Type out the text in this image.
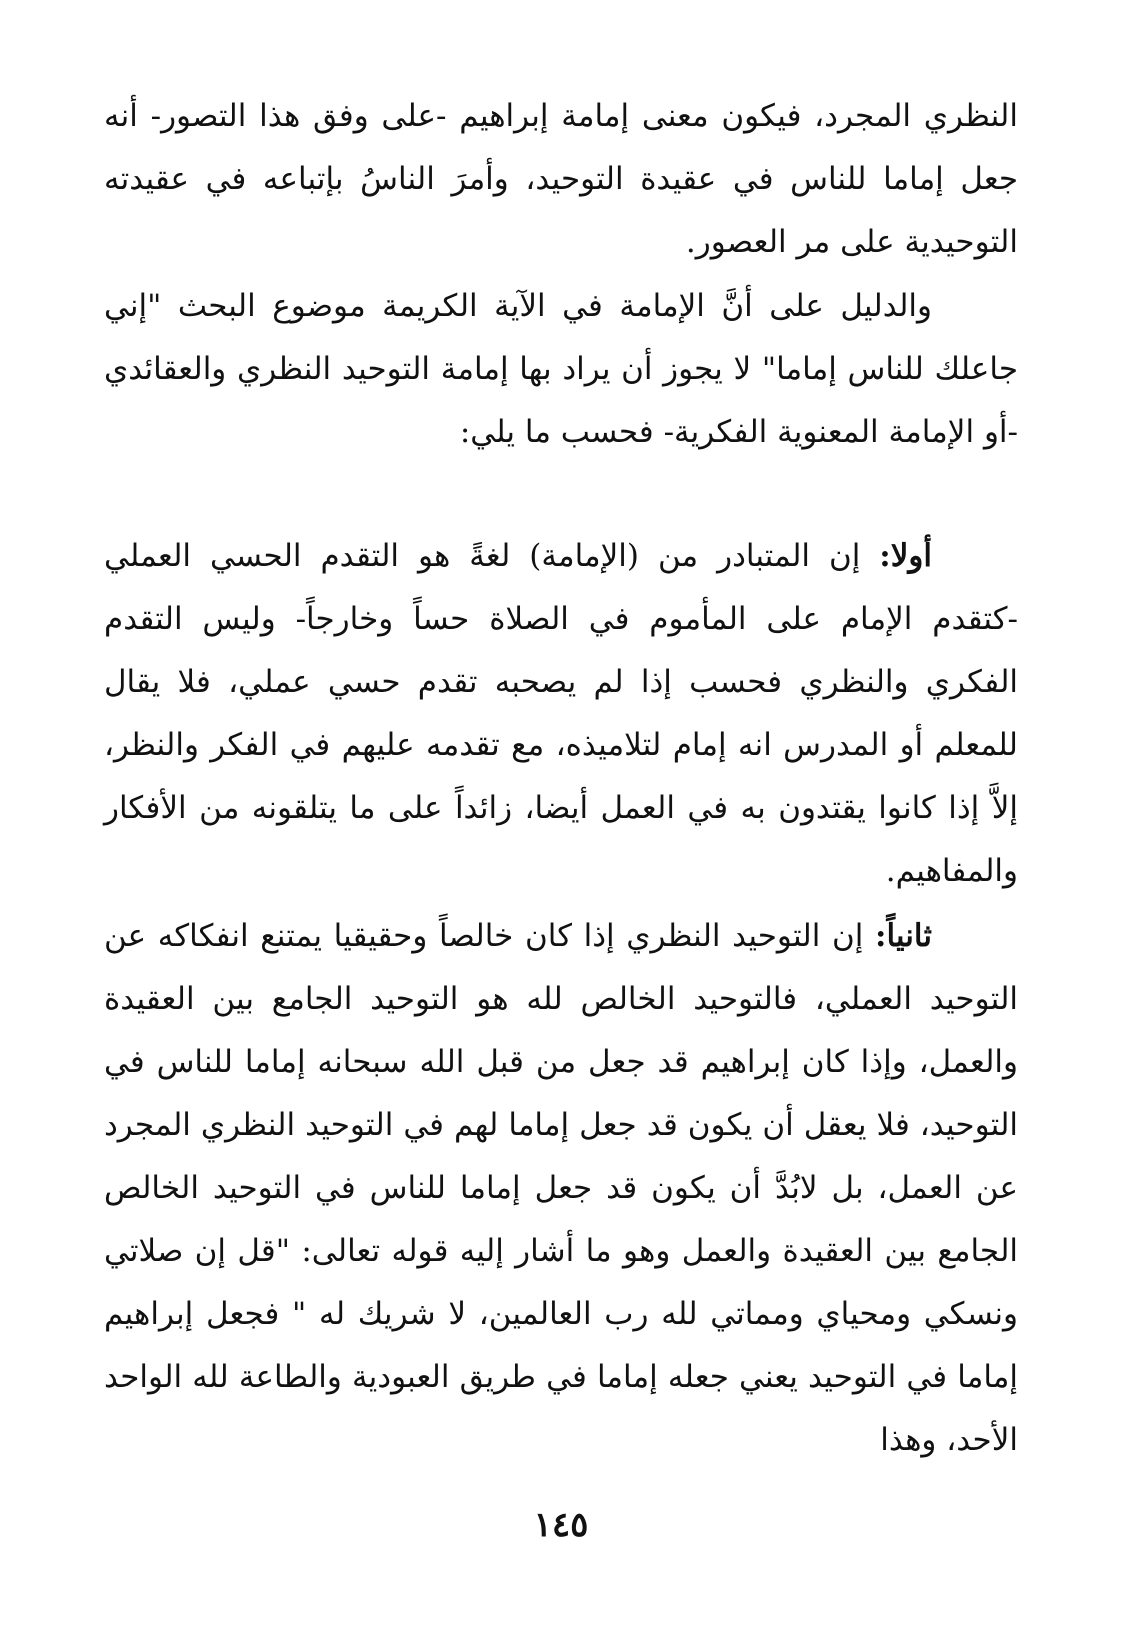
النظري المجرد، فيكون معنى إمامة إبراهيم -على وفق هذا التصور- أنه جعل إماما للناس في عقيدة التوحيد، وأمرَ الناسُ بإتباعه في عقيدته التوحيدية على مر العصور.

والدليل على أنَّ الإمامة في الآية الكريمة موضوع البحث "إني جاعلك للناس إماما" لا يجوز أن يراد بها إمامة التوحيد النظري والعقائدي -أو الإمامة المعنوية الفكرية- فحسب ما يلي:

أولا: إن المتبادر من (الإمامة) لغةً هو التقدم الحسي العملي -كتقدم الإمام على المأموم في الصلاة حساً وخارجاً- وليس التقدم الفكري والنظري فحسب إذا لم يصحبه تقدم حسي عملي، فلا يقال للمعلم أو المدرس انه إمام لتلاميذه، مع تقدمه عليهم في الفكر والنظر، إلاَّ إذا كانوا يقتدون به في العمل أيضا، زائداً على ما يتلقونه من الأفكار والمفاهيم.

ثانياً: إن التوحيد النظري إذا كان خالصاً وحقيقيا يمتنع انفكاكه عن التوحيد العملي، فالتوحيد الخالص لله هو التوحيد الجامع بين العقيدة والعمل، وإذا كان إبراهيم قد جعل من قبل الله سبحانه إماما للناس في التوحيد، فلا يعقل أن يكون قد جعل إماما لهم في التوحيد النظري المجرد عن العمل، بل لابُدَّ أن يكون قد جعل إماما للناس في التوحيد الخالص الجامع بين العقيدة والعمل وهو ما أشار إليه قوله تعالى: "قل إن صلاتي ونسكي ومحياي ومماتي لله رب العالمين، لا شريك له " فجعل إبراهيم إماما في التوحيد يعني جعله إماما في طريق العبودية والطاعة لله الواحد الأحد، وهذا

١٤٥
